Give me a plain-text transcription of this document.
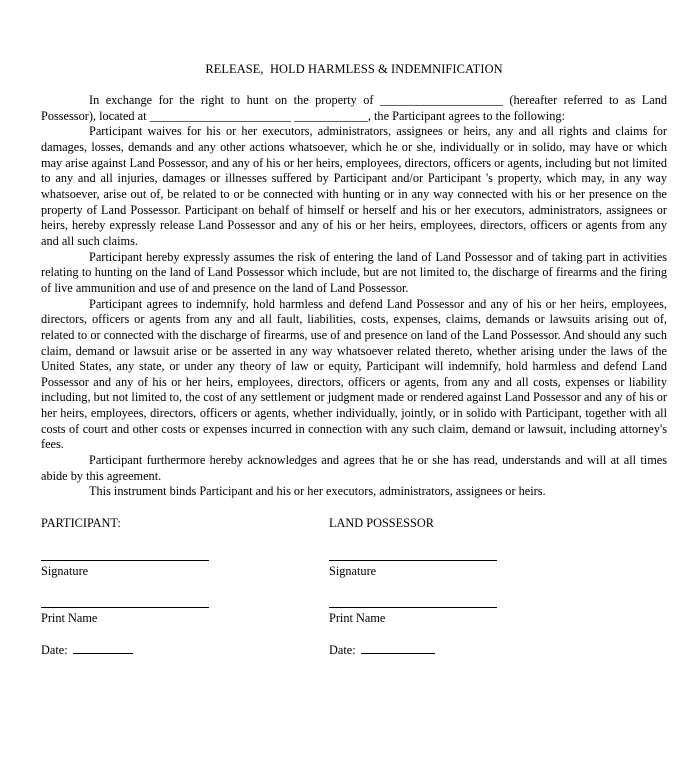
RELEASE,  HOLD HARMLESS & INDEMNIFICATION

In exchange for the right to hunt on the property of ____________________ (hereafter referred to as Land Possessor), located at _______________________ ____________, the Participant agrees to the following:

Participant waives for his or her executors, administrators, assignees or heirs, any and all rights and claims for damages, losses, demands and any other actions whatsoever, which he or she, individually or in solido, may have or which may arise against Land Possessor, and any of his or her heirs, employees, directors, officers or agents, including but not limited to any and all injuries, damages or illnesses suffered by Participant and/or Participant 's property, which may, in any way whatsoever, arise out of, be related to or be connected with hunting or in any way connected with his or her presence on the property of Land Possessor. Participant on behalf of himself or herself and his or her executors, administrators, assignees or heirs, hereby expressly release Land Possessor and any of his or her heirs, employees, directors, officers or agents from any and all such claims.

Participant hereby expressly assumes the risk of entering the land of Land Possessor and of taking part in activities relating to hunting on the land of Land Possessor which include, but are not limited to, the discharge of firearms and the firing of live ammunition and use of and presence on the land of Land Possessor.

Participant agrees to indemnify, hold harmless and defend Land Possessor and any of his or her heirs, employees, directors, officers or agents from any and all fault, liabilities, costs, expenses, claims, demands or lawsuits arising out of, related to or connected with the discharge of firearms, use of and presence on land of the Land Possessor. And should any such claim, demand or lawsuit arise or be asserted in any way whatsoever related thereto, whether arising under the laws of the United States, any state, or under any theory of law or equity, Participant will indemnify, hold harmless and defend Land Possessor and any of his or her heirs, employees, directors, officers or agents, from any and all costs, expenses or liability including, but not limited to, the cost of any settlement or judgment made or rendered against Land Possessor and any of his or her heirs, employees, directors, officers or agents, whether individually, jointly, or in solido with Participant, together with all costs of court and other costs or expenses incurred in connection with any such claim, demand or lawsuit, including attorney's fees.

Participant furthermore hereby acknowledges and agrees that he or she has read, understands and will at all times abide by this agreement.

This instrument binds Participant and his or her executors, administrators, assignees or heirs.

PARTICIPANT:
Signature
Print Name
Date:
LAND POSSESSOR
Signature
Print Name
Date:
